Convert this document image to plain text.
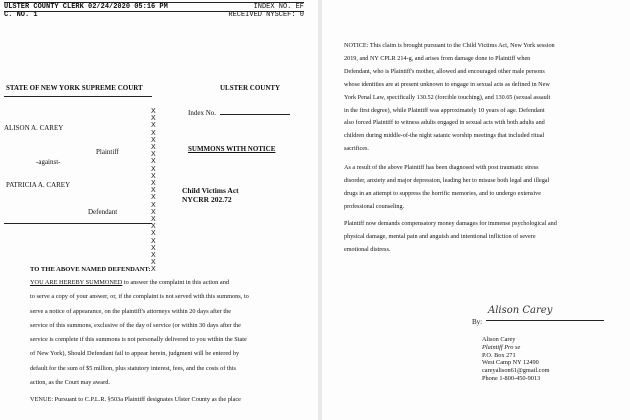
ULSTER COUNTY CLERK 02/24/2020 05:16 PM
C. NO. 1
INDEX NO. EF
RECEIVED NYSCEF: 0
STATE OF NEW YORK SUPREME COURT	ULSTER COUNTY
X
X
X
X
X
X
X
X
X
X
X
X
X
X
X
X
X
X
X
X
X
X
X
ALISON A. CAREY
Plaintiff
-against-
PATRICIA A. CAREY
Defendant
Index No.
SUMMONS WITH NOTICE
Child Victims Act
NYCRR 202.72
TO THE ABOVE NAMED DEFENDANT:
YOU ARE HEREBY SUMMONED to answer the complaint in this action and
to serve a copy of your answer, or, if the complaint is not served with this summons, to
serve a notice of appearance, on the plaintiff's attorneys within 20 days after the
service of this summons, exclusive of the day of service (or within 30 days after the
service is complete if this summons is not personally delivered to you within the State
of New York), Should Defendant fail to appear herein, judgment will be entered by
default for the sum of $5 million, plus statutory interest, fees, and the costs of this
action, as the Court may award.
VENUE: Pursuant to C.P.L.R. §503a Plaintiff designates Ulster County as the place
NOTICE: This claim is brought pursuant to the Child Victims Act, New York session
2019, and NY CPLR 214-g, and arises from damage done to Plaintiff when
Defendant, who is Plaintiff's mother, allowed and encouraged other male persons
whose identities are at present unknown to engage in sexual acts as defined in New
York Penal Law, specifically 130.52 (forcible touching), and 130.65 (sexual assault
in the first degree), while Plaintiff was approximately 10 years of age. Defendant
also forced Plaintiff to witness adults engaged in sexual acts with both adults and
children during middle-of-the night satanic worship meetings that included ritual
sacrifices.
As a result of the above Plaintiff has been diagnosed with post traumatic stress
disorder, anxiety and major depression, leading her to misuse both legal and illegal
drugs in an attempt to suppress the horrific memories, and to undergo extensive
professional counseling.
Plaintiff now demands compensatory money damages for immense psychological and
physical damage, mental pain and anguish and intentional infliction of severe
emotional distress.
By:
Alison Carey
Alison Carey
Plaintiff Pro se
P.O. Box 271
West Camp NY 12490
careyalison61@gmail.com
Phone 1-800-450-9013
